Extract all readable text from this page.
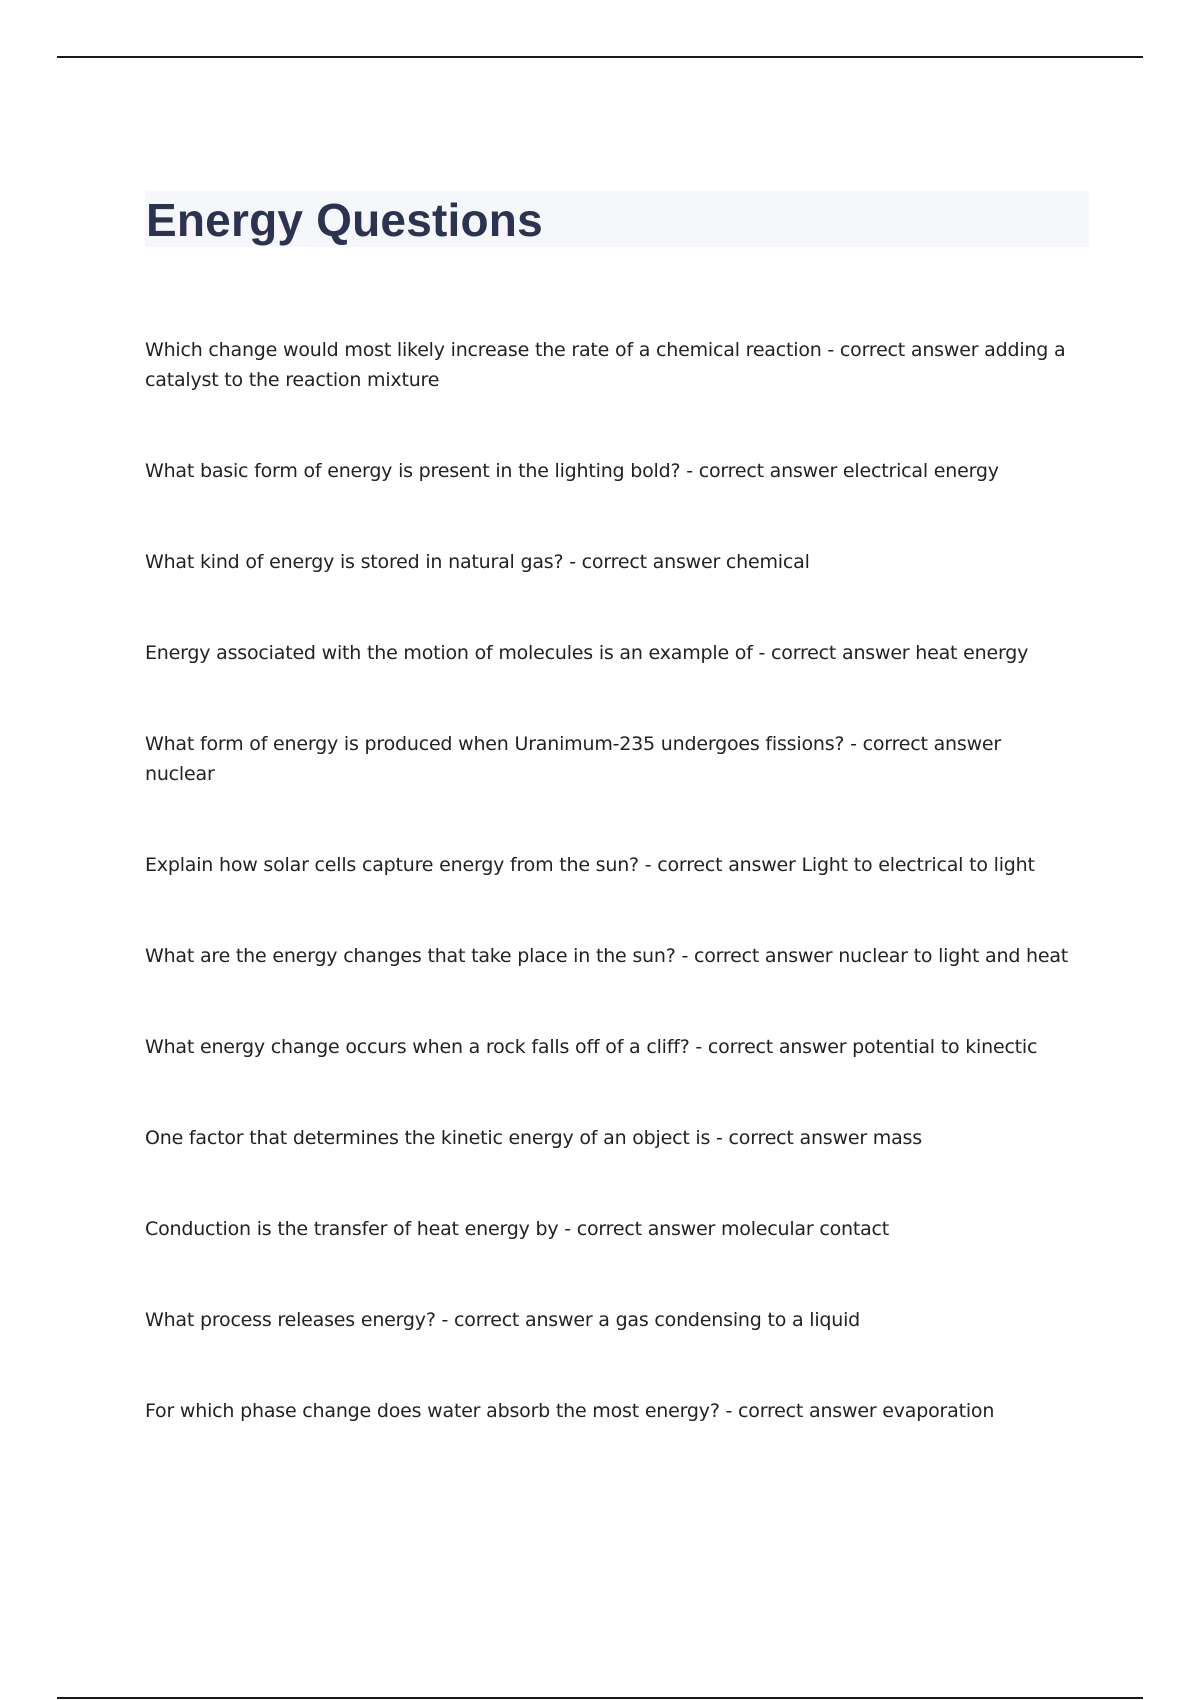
Energy Questions
Which change would most likely increase the rate of a chemical reaction - correct answer adding a catalyst to the reaction mixture
What basic form of energy is present in the lighting bold? - correct answer electrical energy
What kind of energy is stored in natural gas? - correct answer chemical
Energy associated with the motion of molecules is an example of - correct answer heat energy
What form of energy is produced when Uranimum-235 undergoes fissions? - correct answer nuclear
Explain how solar cells capture energy from the sun? - correct answer Light to electrical to light
What are the energy changes that take place in the sun? - correct answer nuclear to light and heat
What energy change occurs when a rock falls off of a cliff? - correct answer potential to kinectic
One factor that determines the kinetic energy of an object is - correct answer mass
Conduction is the transfer of heat energy by - correct answer molecular contact
What process releases energy? - correct answer a gas condensing to a liquid
For which phase change does water absorb the most energy? - correct answer evaporation
